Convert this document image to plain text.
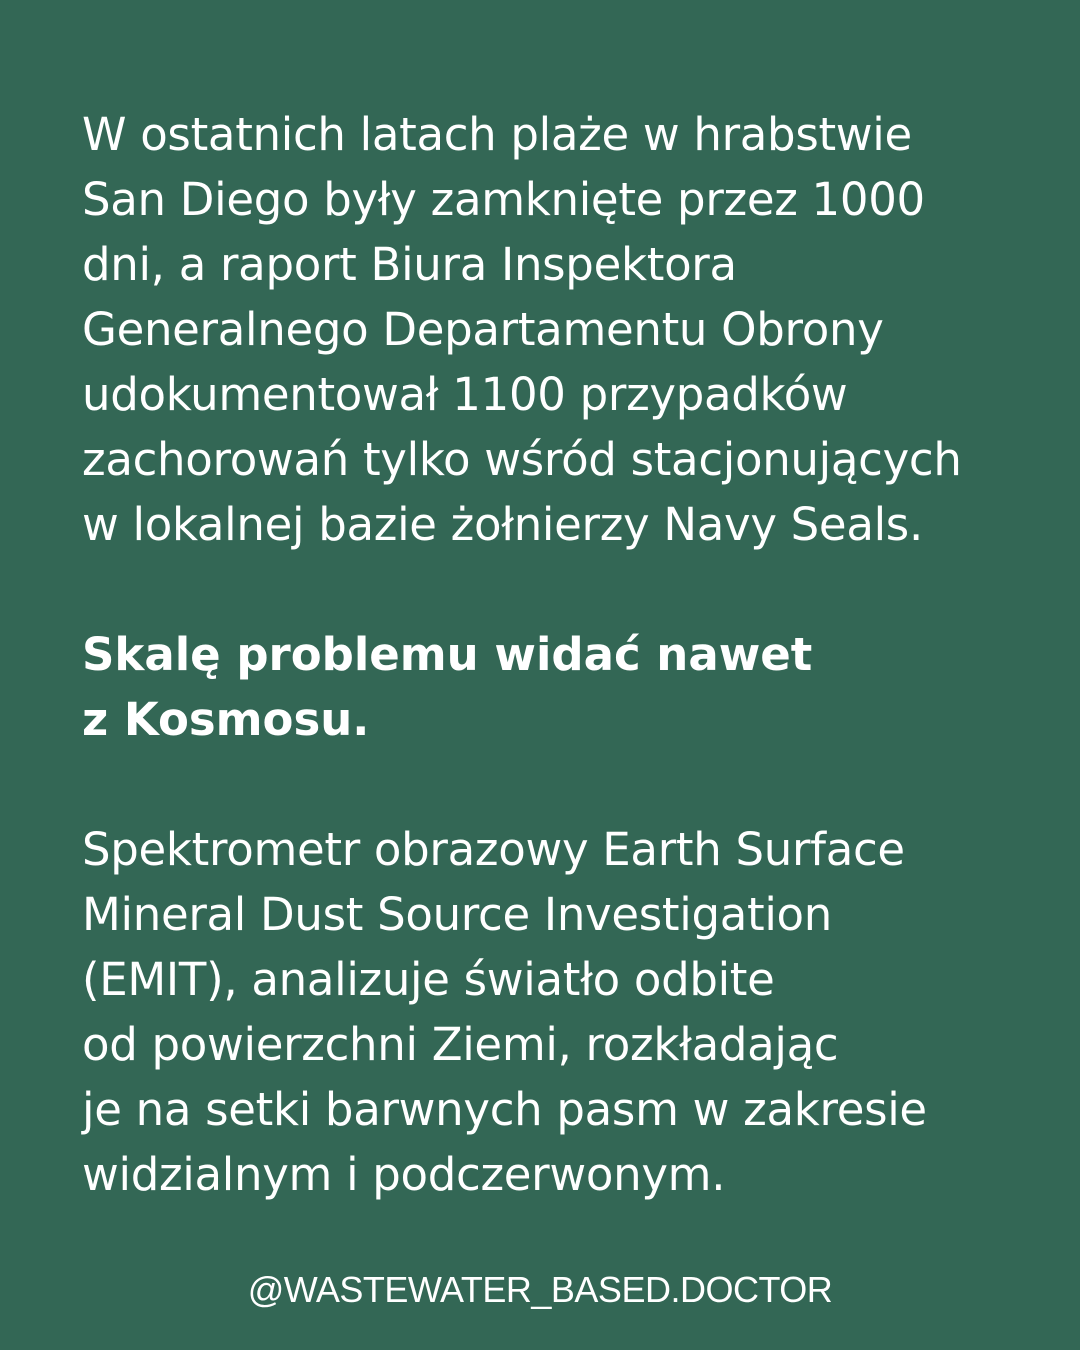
W ostatnich latach plaże w hrabstwie
San Diego były zamknięte przez 1000
dni, a raport Biura Inspektora
Generalnego Departamentu Obrony
udokumentował 1100 przypadków
zachorowań tylko wśród stacjonujących
w lokalnej bazie żołnierzy Navy Seals.

Skalę problemu widać nawet
z Kosmosu.

Spektrometr obrazowy Earth Surface
Mineral Dust Source Investigation
(EMIT), analizuje światło odbite
od powierzchni Ziemi, rozkładając
je na setki barwnych pasm w zakresie
widzialnym i podczerwonym.

@WASTEWATER_BASED.DOCTOR
